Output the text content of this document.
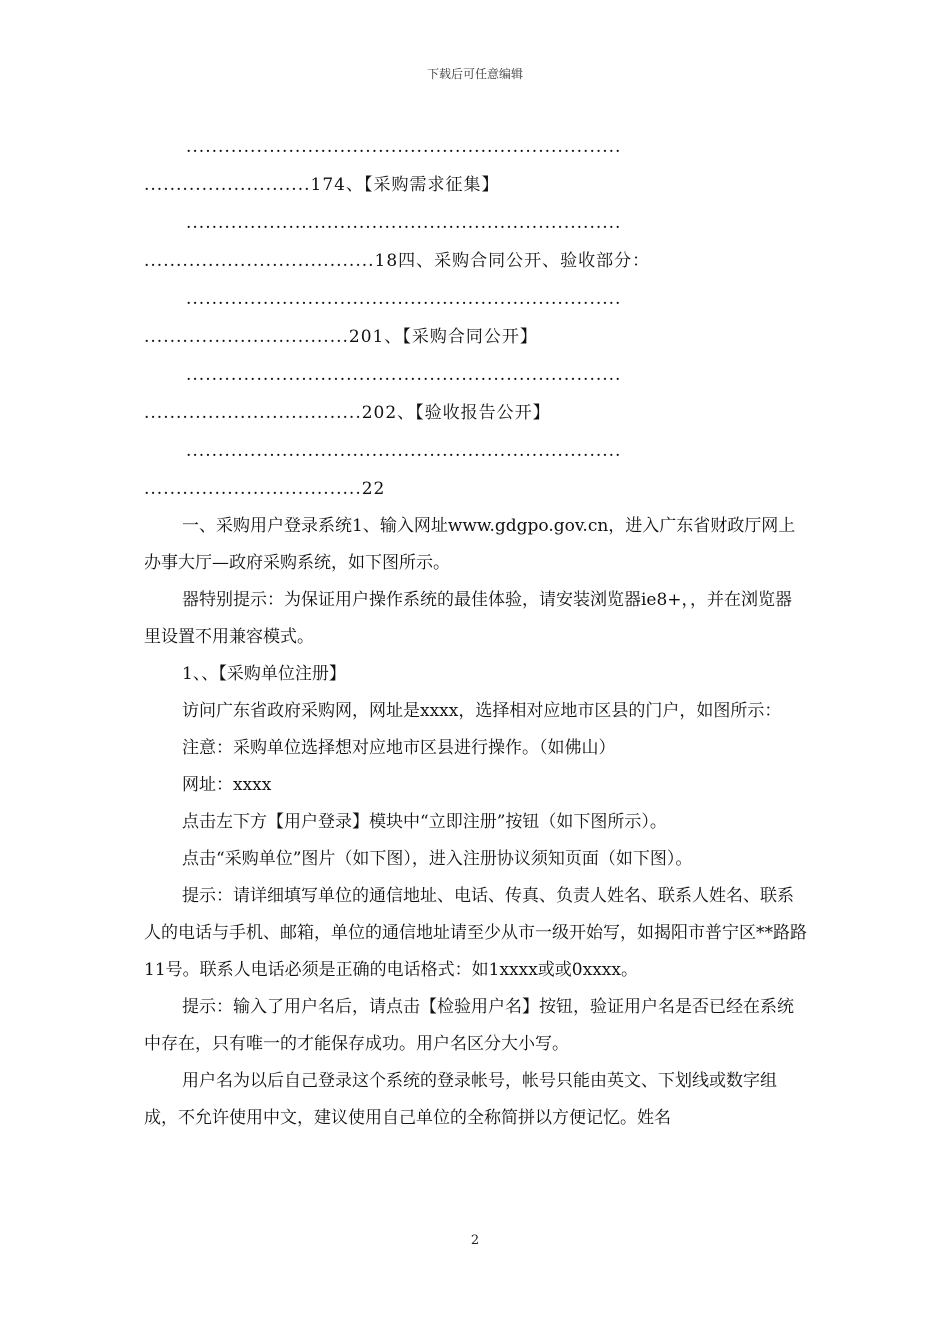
下载后可任意编辑

....................................................................

..........................174、【采购需求征集】

....................................................................

....................................18四、采购合同公开、验收部分：

....................................................................

................................201、【采购合同公开】

....................................................................

..................................202、【验收报告公开】

....................................................................

..................................22

一、采购用户登录系统1、输入网址www.gdgpo.gov.cn，进入广东省财政厅网上办事大厅—政府采购系统，如下图所示。

器特别提示：为保证用户操作系统的最佳体验，请安装浏览器ie8+，，并在浏览器里设置不用兼容模式。

1、、【采购单位注册】

访问广东省政府采购网，网址是xxxx，选择相对应地市区县的门户，如图所示：

注意：采购单位选择想对应地市区县进行操作。（如佛山）

网址：xxxx

点击左下方【用户登录】模块中“立即注册”按钮（如下图所示）。

点击“采购单位”图片（如下图），进入注册协议须知页面（如下图）。

提示：请详细填写单位的通信地址、电话、传真、负责人姓名、联系人姓名、联系人的电话与手机、邮箱，单位的通信地址请至少从市一级开始写，如揭阳市普宁区**路路11号。联系人电话必须是正确的电话格式：如1xxxx或或0xxxx。

提示：输入了用户名后，请点击【检验用户名】按钮，验证用户名是否已经在系统中存在，只有唯一的才能保存成功。用户名区分大小写。

用户名为以后自己登录这个系统的登录帐号，帐号只能由英文、下划线或数字组成，不允许使用中文，建议使用自己单位的全称简拼以方便记忆。姓名

2
